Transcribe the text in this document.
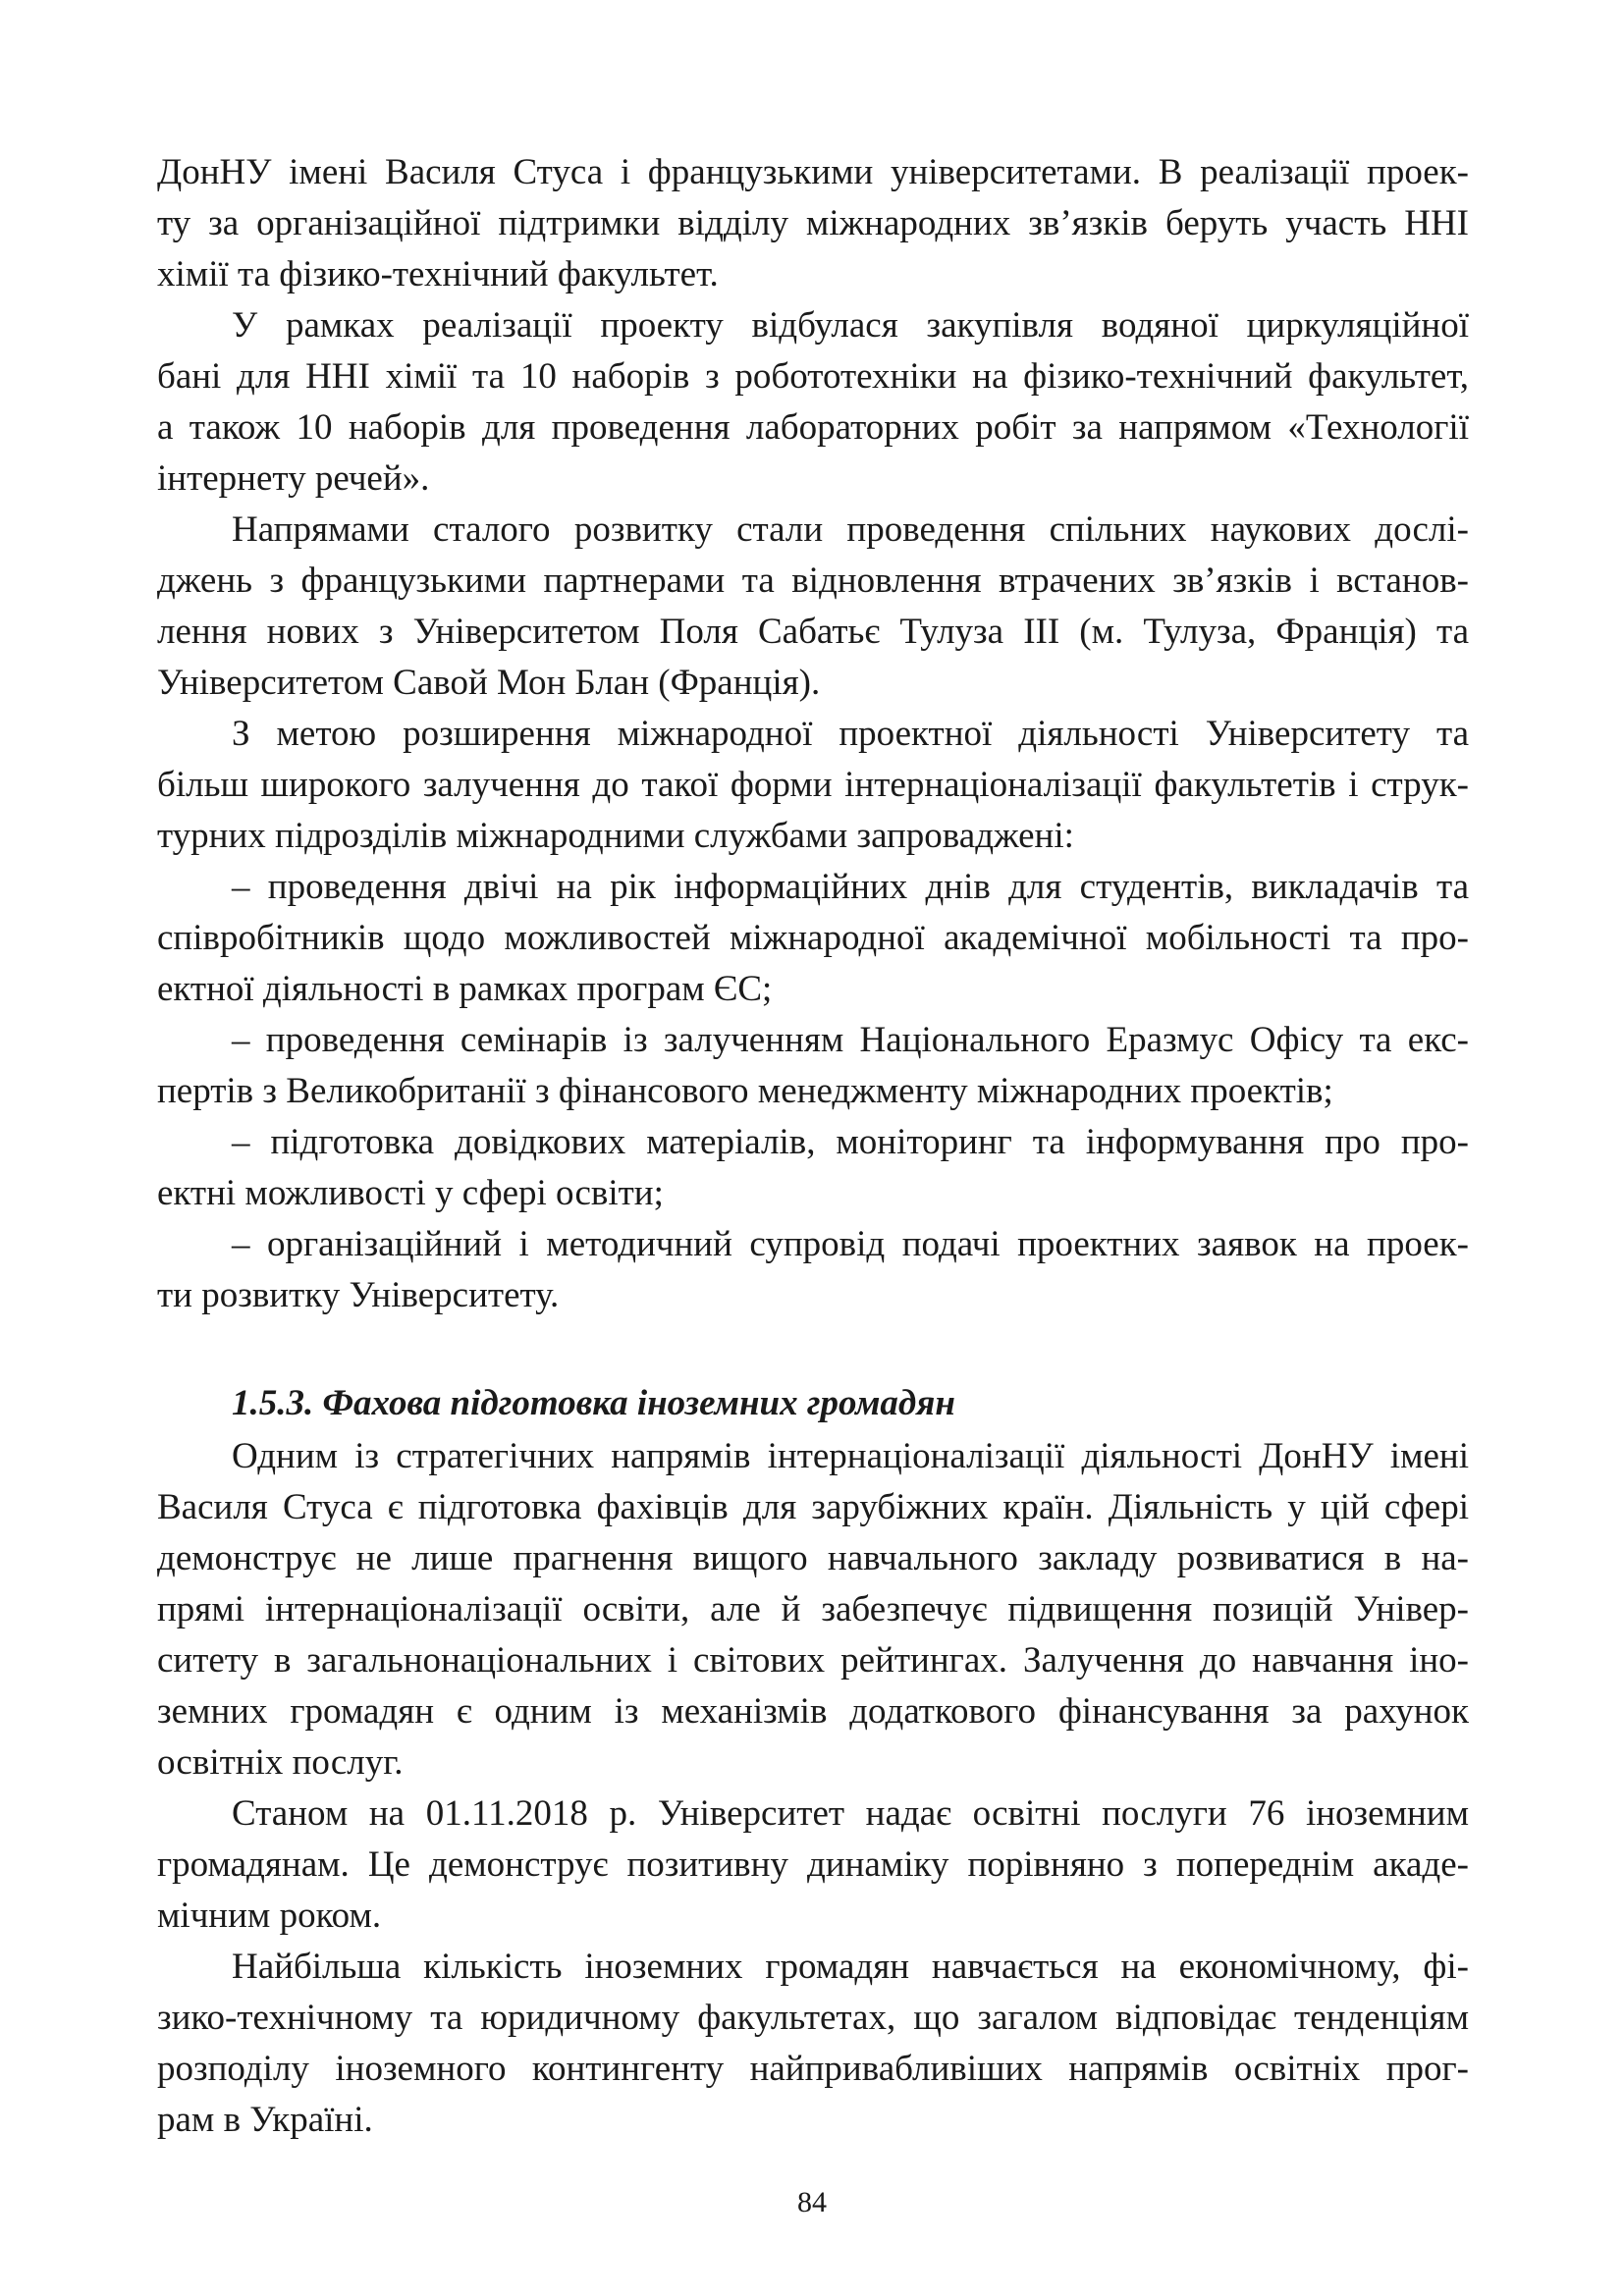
ДонНУ імені Василя Стуса і французькими університетами. В реалізації проек-
ту за організаційної підтримки відділу міжнародних зв’язків беруть участь ННІ
хімії та фізико-технічний факультет.
У рамках реалізації проекту відбулася закупівля водяної циркуляційної
бані для ННІ хімії та 10 наборів з робототехніки на фізико-технічний факультет,
а також 10 наборів для проведення лабораторних робіт за напрямом «Технології
інтернету речей».
Напрямами сталого розвитку стали проведення спільних наукових дослі-
джень з французькими партнерами та відновлення втрачених зв’язків і встанов-
лення нових з Університетом Поля Сабатьє Тулуза ІІІ (м. Тулуза, Франція) та
Університетом Савой Мон Блан (Франція).
З метою розширення міжнародної проектної діяльності Університету та
більш широкого залучення до такої форми інтернаціоналізації факультетів і струк-
турних підрозділів міжнародними службами запроваджені:
– проведення двічі на рік інформаційних днів для студентів, викладачів та
співробітників щодо можливостей міжнародної академічної мобільності та про-
ектної діяльності в рамках програм ЄС;
– проведення семінарів із залученням Національного Еразмус Офісу та екс-
пертів з Великобританії з фінансового менеджменту міжнародних проектів;
– підготовка довідкових матеріалів, моніторинг та інформування про про-
ектні можливості у сфері освіти;
– організаційний і методичний супровід подачі проектних заявок на проек-
ти розвитку Університету.
1.5.3. Фахова підготовка іноземних громадян
Одним із стратегічних напрямів інтернаціоналізації діяльності ДонНУ імені
Василя Стуса є підготовка фахівців для зарубіжних країн. Діяльність у цій сфері
демонструє не лише прагнення вищого навчального закладу розвиватися в на-
прямі інтернаціоналізації освіти, але й забезпечує підвищення позицій Універ-
ситету в загальнонаціональних і світових рейтингах. Залучення до навчання іно-
земних громадян є одним із механізмів додаткового фінансування за рахунок
освітніх послуг.
Станом на 01.11.2018 р. Університет надає освітні послуги 76 іноземним
громадянам. Це демонструє позитивну динаміку порівняно з попереднім акаде-
мічним роком.
Найбільша кількість іноземних громадян навчається на економічному, фі-
зико-технічному та юридичному факультетах, що загалом відповідає тенденціям
розподілу іноземного контингенту найпривабливіших напрямів освітніх прог-
рам в Україні.
84
